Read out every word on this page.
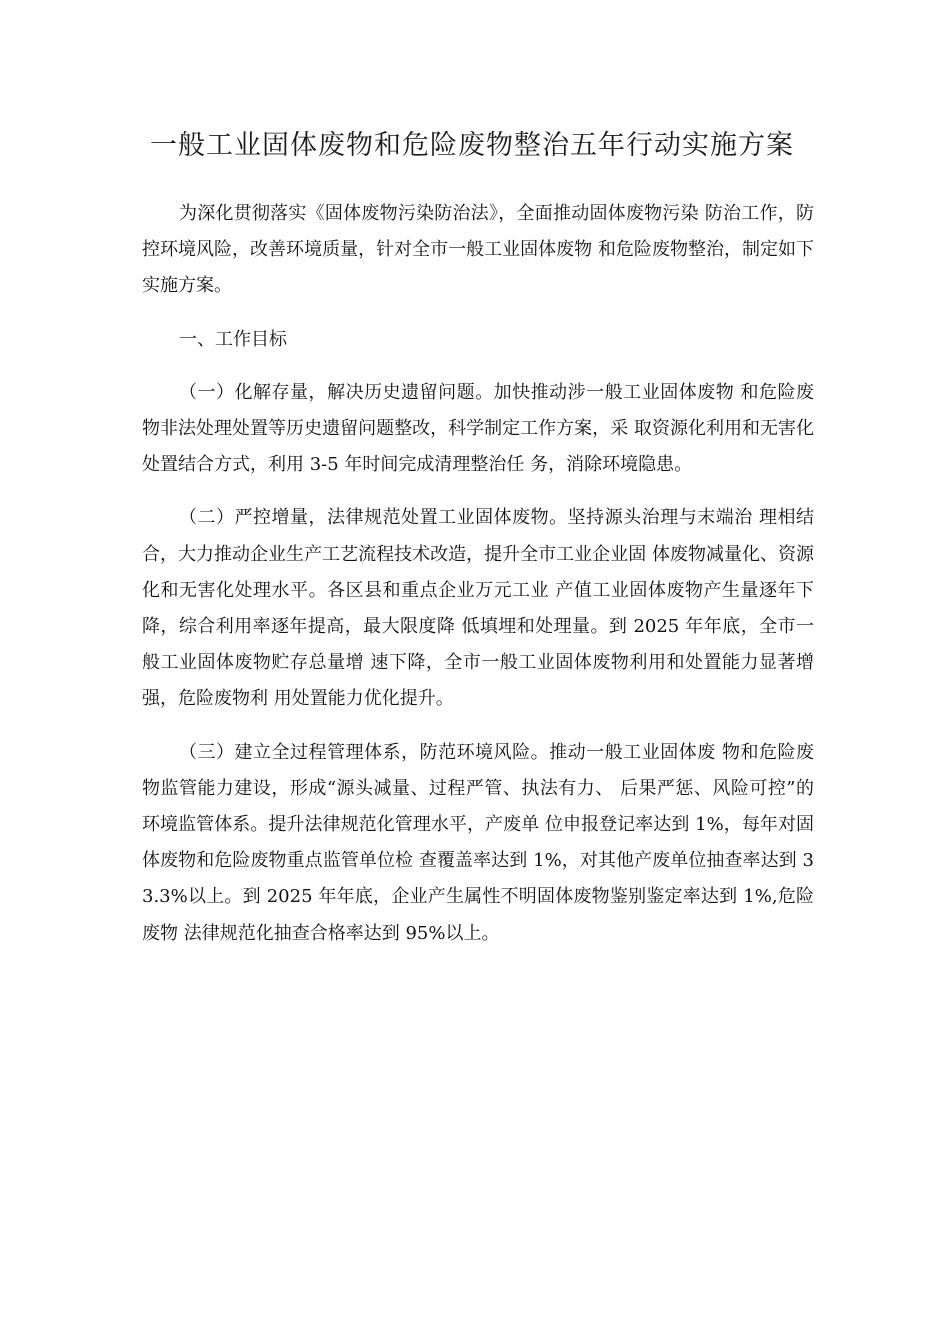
一般工业固体废物和危险废物整治五年行动实施方案

为深化贯彻落实《固体废物污染防治法》，全面推动固体废物污染 防治工作，防控环境风险，改善环境质量，针对全市一般工业固体废物 和危险废物整治，制定如下实施方案。

一、工作目标

（一）化解存量，解决历史遗留问题。加快推动涉一般工业固体废物 和危险废物非法处理处置等历史遗留问题整改，科学制定工作方案，采 取资源化利用和无害化处置结合方式，利用 3-5 年时间完成清理整治任 务，消除环境隐患。

（二）严控增量，法律规范处置工业固体废物。坚持源头治理与末端治 理相结合，大力推动企业生产工艺流程技术改造，提升全市工业企业固 体废物减量化、资源化和无害化处理水平。各区县和重点企业万元工业 产值工业固体废物产生量逐年下降，综合利用率逐年提高，最大限度降 低填埋和处理量。到 2025 年年底，全市一般工业固体废物贮存总量增 速下降，全市一般工业固体废物利用和处置能力显著增强，危险废物利 用处置能力优化提升。

（三）建立全过程管理体系，防范环境风险。推动一般工业固体废 物和危险废物监管能力建设，形成“源头减量、过程严管、执法有力、 后果严惩、风险可控”的环境监管体系。提升法律规范化管理水平，产废单 位申报登记率达到 1%，每年对固体废物和危险废物重点监管单位检 查覆盖率达到 1%，对其他产废单位抽查率达到 33.3%以上。到 2025 年年底，企业产生属性不明固体废物鉴别鉴定率达到 1%,危险废物 法律规范化抽查合格率达到 95%以上。
